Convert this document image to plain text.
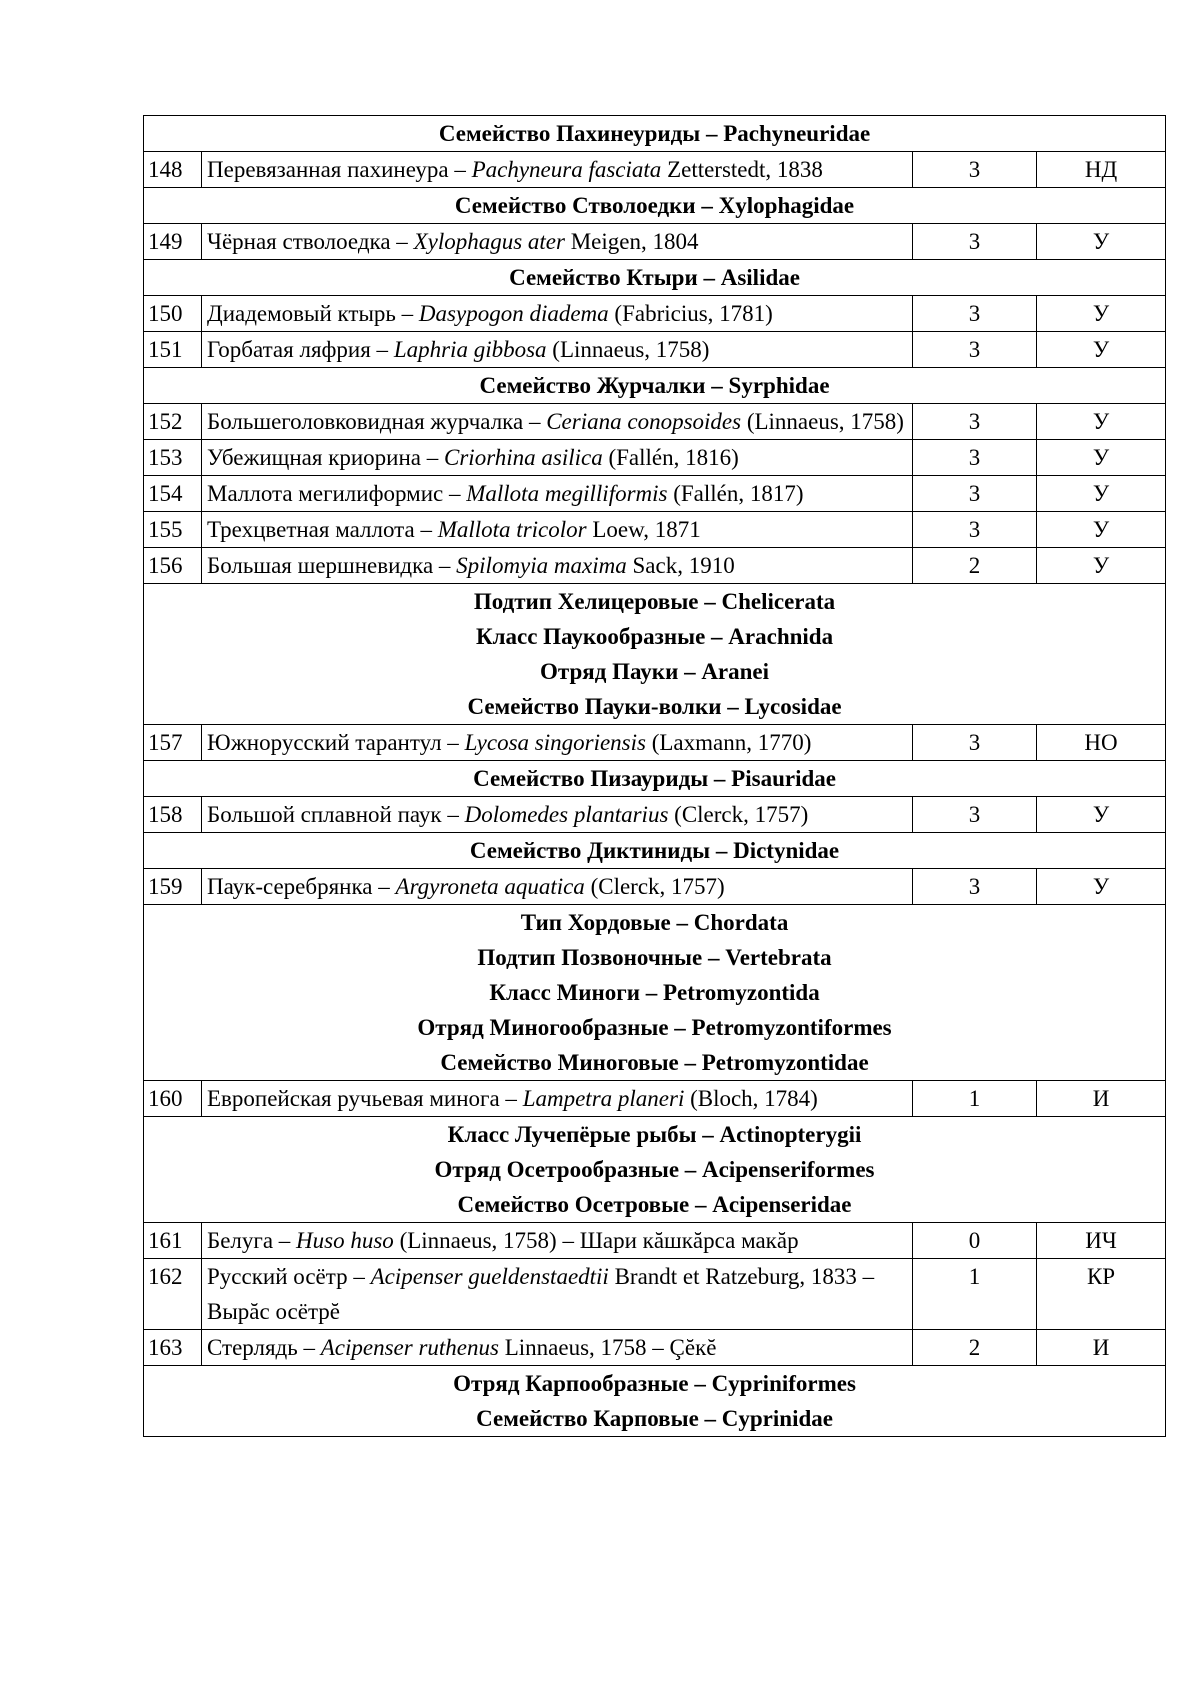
Семейство Пахинеуриды – Pachyneuridae			

148	Перевязанная пахинеура – Pachyneura fasciata Zetterstedt, 1838	3	НД

Семейство Стволоедки – Xylophagidae			

149	Чёрная стволоедка – Xylophagus ater Meigen, 1804	3	У

Семейство Ктыри – Asilidae			

150	Диадемовый ктырь – Dasypogon diadema (Fabricius, 1781)	3	У
151	Горбатая ляфрия – Laphria gibbosa (Linnaeus, 1758)	3	У

Семейство Журчалки – Syrphidae			

152	Большеголовковидная журчалка – Ceriana conopsoides (Linnaeus, 1758)	3	У
153	Убежищная криорина – Criorhina asilica (Fallén, 1816)	3	У
154	Маллота мегилиформис – Mallota megilliformis (Fallén, 1817)	3	У
155	Трехцветная маллота – Mallota tricolor Loew, 1871	3	У
156	Большая шершневидка – Spilomyia maxima Sack, 1910	2	У

Подтип Хелицеровые – Chelicerata
Класс Паукообразные – Arachnida
Отряд Пауки – Aranei
Семейство Пауки-волки – Lycosidae			

157	Южнорусский тарантул – Lycosa singoriensis (Laxmann, 1770)	3	НО

Семейство Пизауриды – Pisauridae			

158	Большой сплавной паук – Dolomedes plantarius (Clerck, 1757)	3	У

Семейство Диктиниды – Dictynidae			

159	Паук-серебрянка – Argyroneta aquatica (Clerck, 1757)	3	У

Тип Хордовые – Chordata
Подтип Позвоночные – Vertebrata
Класс Миноги – Petromyzontida
Отряд Миногообразные – Petromyzontiformes
Семейство Миноговые – Petromyzontidae			

160	Европейская ручьевая минога – Lampetra planeri (Bloch, 1784)	1	И

Класс Лучепёрые рыбы – Actinopterygii
Отряд Осетрообразные – Acipenseriformes
Семейство Осетровые – Acipenseridae			

161	Белуга – Huso huso (Linnaeus, 1758) – Шари кăшкăрса макăр	0	ИЧ
162	Русский осётр – Acipenser gueldenstaedtii Brandt et Ratzeburg, 1833 – Вырăс осётрĕ	1	КР
163	Стерлядь – Acipenser ruthenus Linnaeus, 1758 – Çĕкĕ	2	И

Отряд Карпообразные – Cypriniformes
Семейство Карповые – Cyprinidae			
